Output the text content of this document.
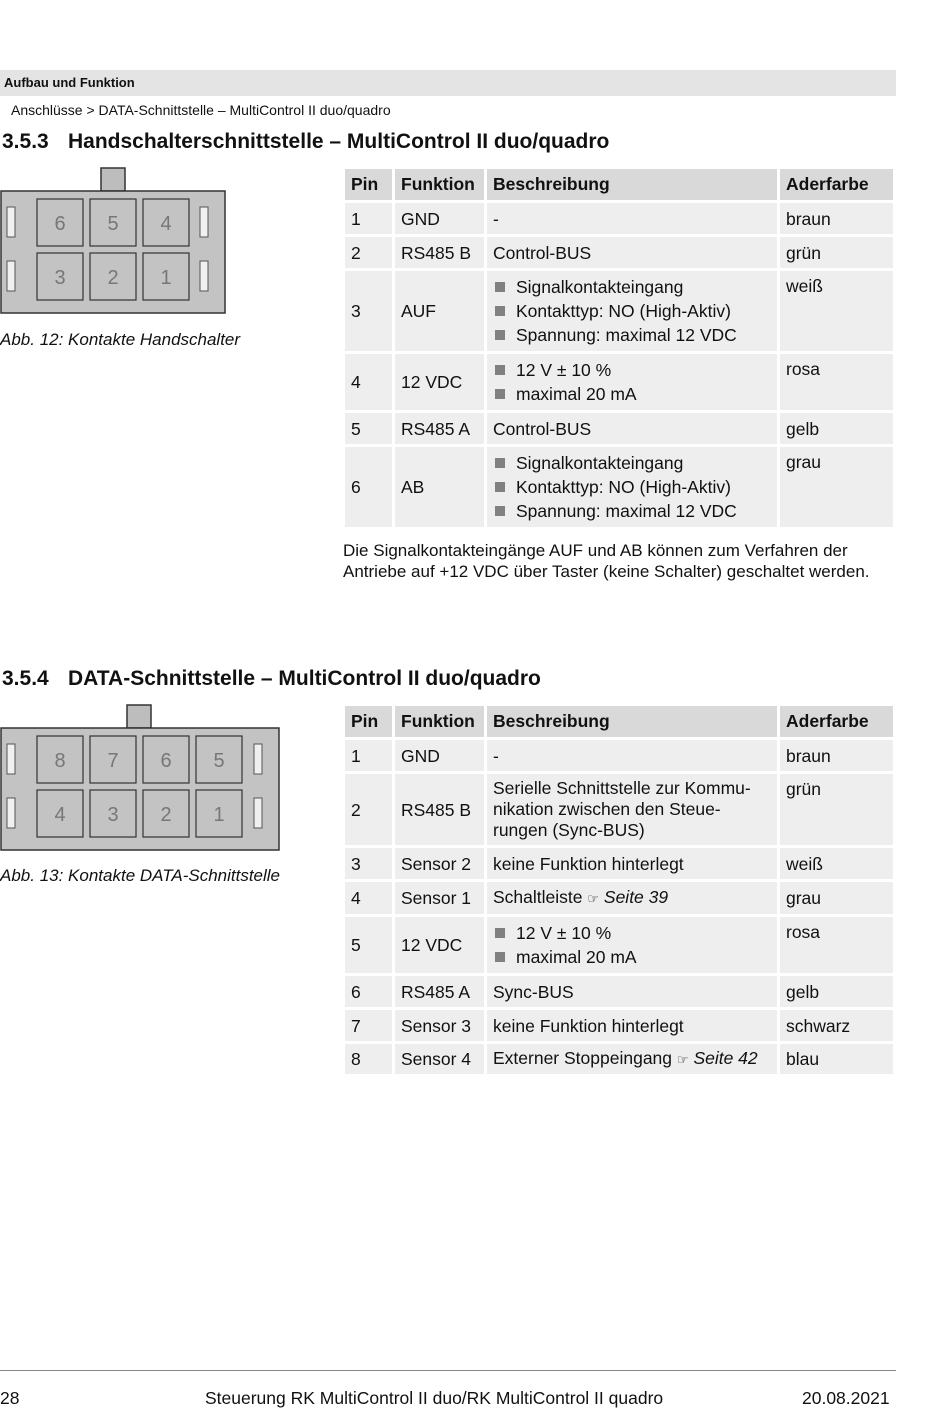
Aufbau und Funktion
Anschlüsse > DATA-Schnittstelle – MultiControl II duo/quadro
3.5.3 Handschalterschnittstelle – MultiControl II duo/quadro
6 5 4
3 2 1
Abb. 12: Kontakte Handschalter
Pin	Funktion	Beschreibung	Aderfarbe
1	GND	-	braun
2	RS485 B	Control-BUS	grün
3	AUF	Signalkontakteingang
Kontakttyp: NO (High-Aktiv)
Spannung: maximal 12 VDC	weiß
4	12 VDC	12 V ± 10 %
maximal 20 mA	rosa
5	RS485 A	Control-BUS	gelb
6	AB	Signalkontakteingang
Kontakttyp: NO (High-Aktiv)
Spannung: maximal 12 VDC	grau
Die Signalkontakteingänge AUF und AB können zum Verfahren der Antriebe auf +12 VDC über Taster (keine Schalter) geschaltet werden.
3.5.4 DATA-Schnittstelle – MultiControl II duo/quadro
8 7 6 5
4 3 2 1
Abb. 13: Kontakte DATA-Schnittstelle
Pin	Funktion	Beschreibung	Aderfarbe
1	GND	-	braun
2	RS485 B	Serielle Schnittstelle zur Kommu-nikation zwischen den Steue-rungen (Sync-BUS)	grün
3	Sensor 2	keine Funktion hinterlegt	weiß
4	Sensor 1	Schaltleiste ☞ Seite 39	grau
5	12 VDC	12 V ± 10 %
maximal 20 mA	rosa
6	RS485 A	Sync-BUS	gelb
7	Sensor 3	keine Funktion hinterlegt	schwarz
8	Sensor 4	Externer Stoppeingang ☞ Seite 42	blau
28	Steuerung RK MultiControl II duo/RK MultiControl II quadro	20.08.2021
